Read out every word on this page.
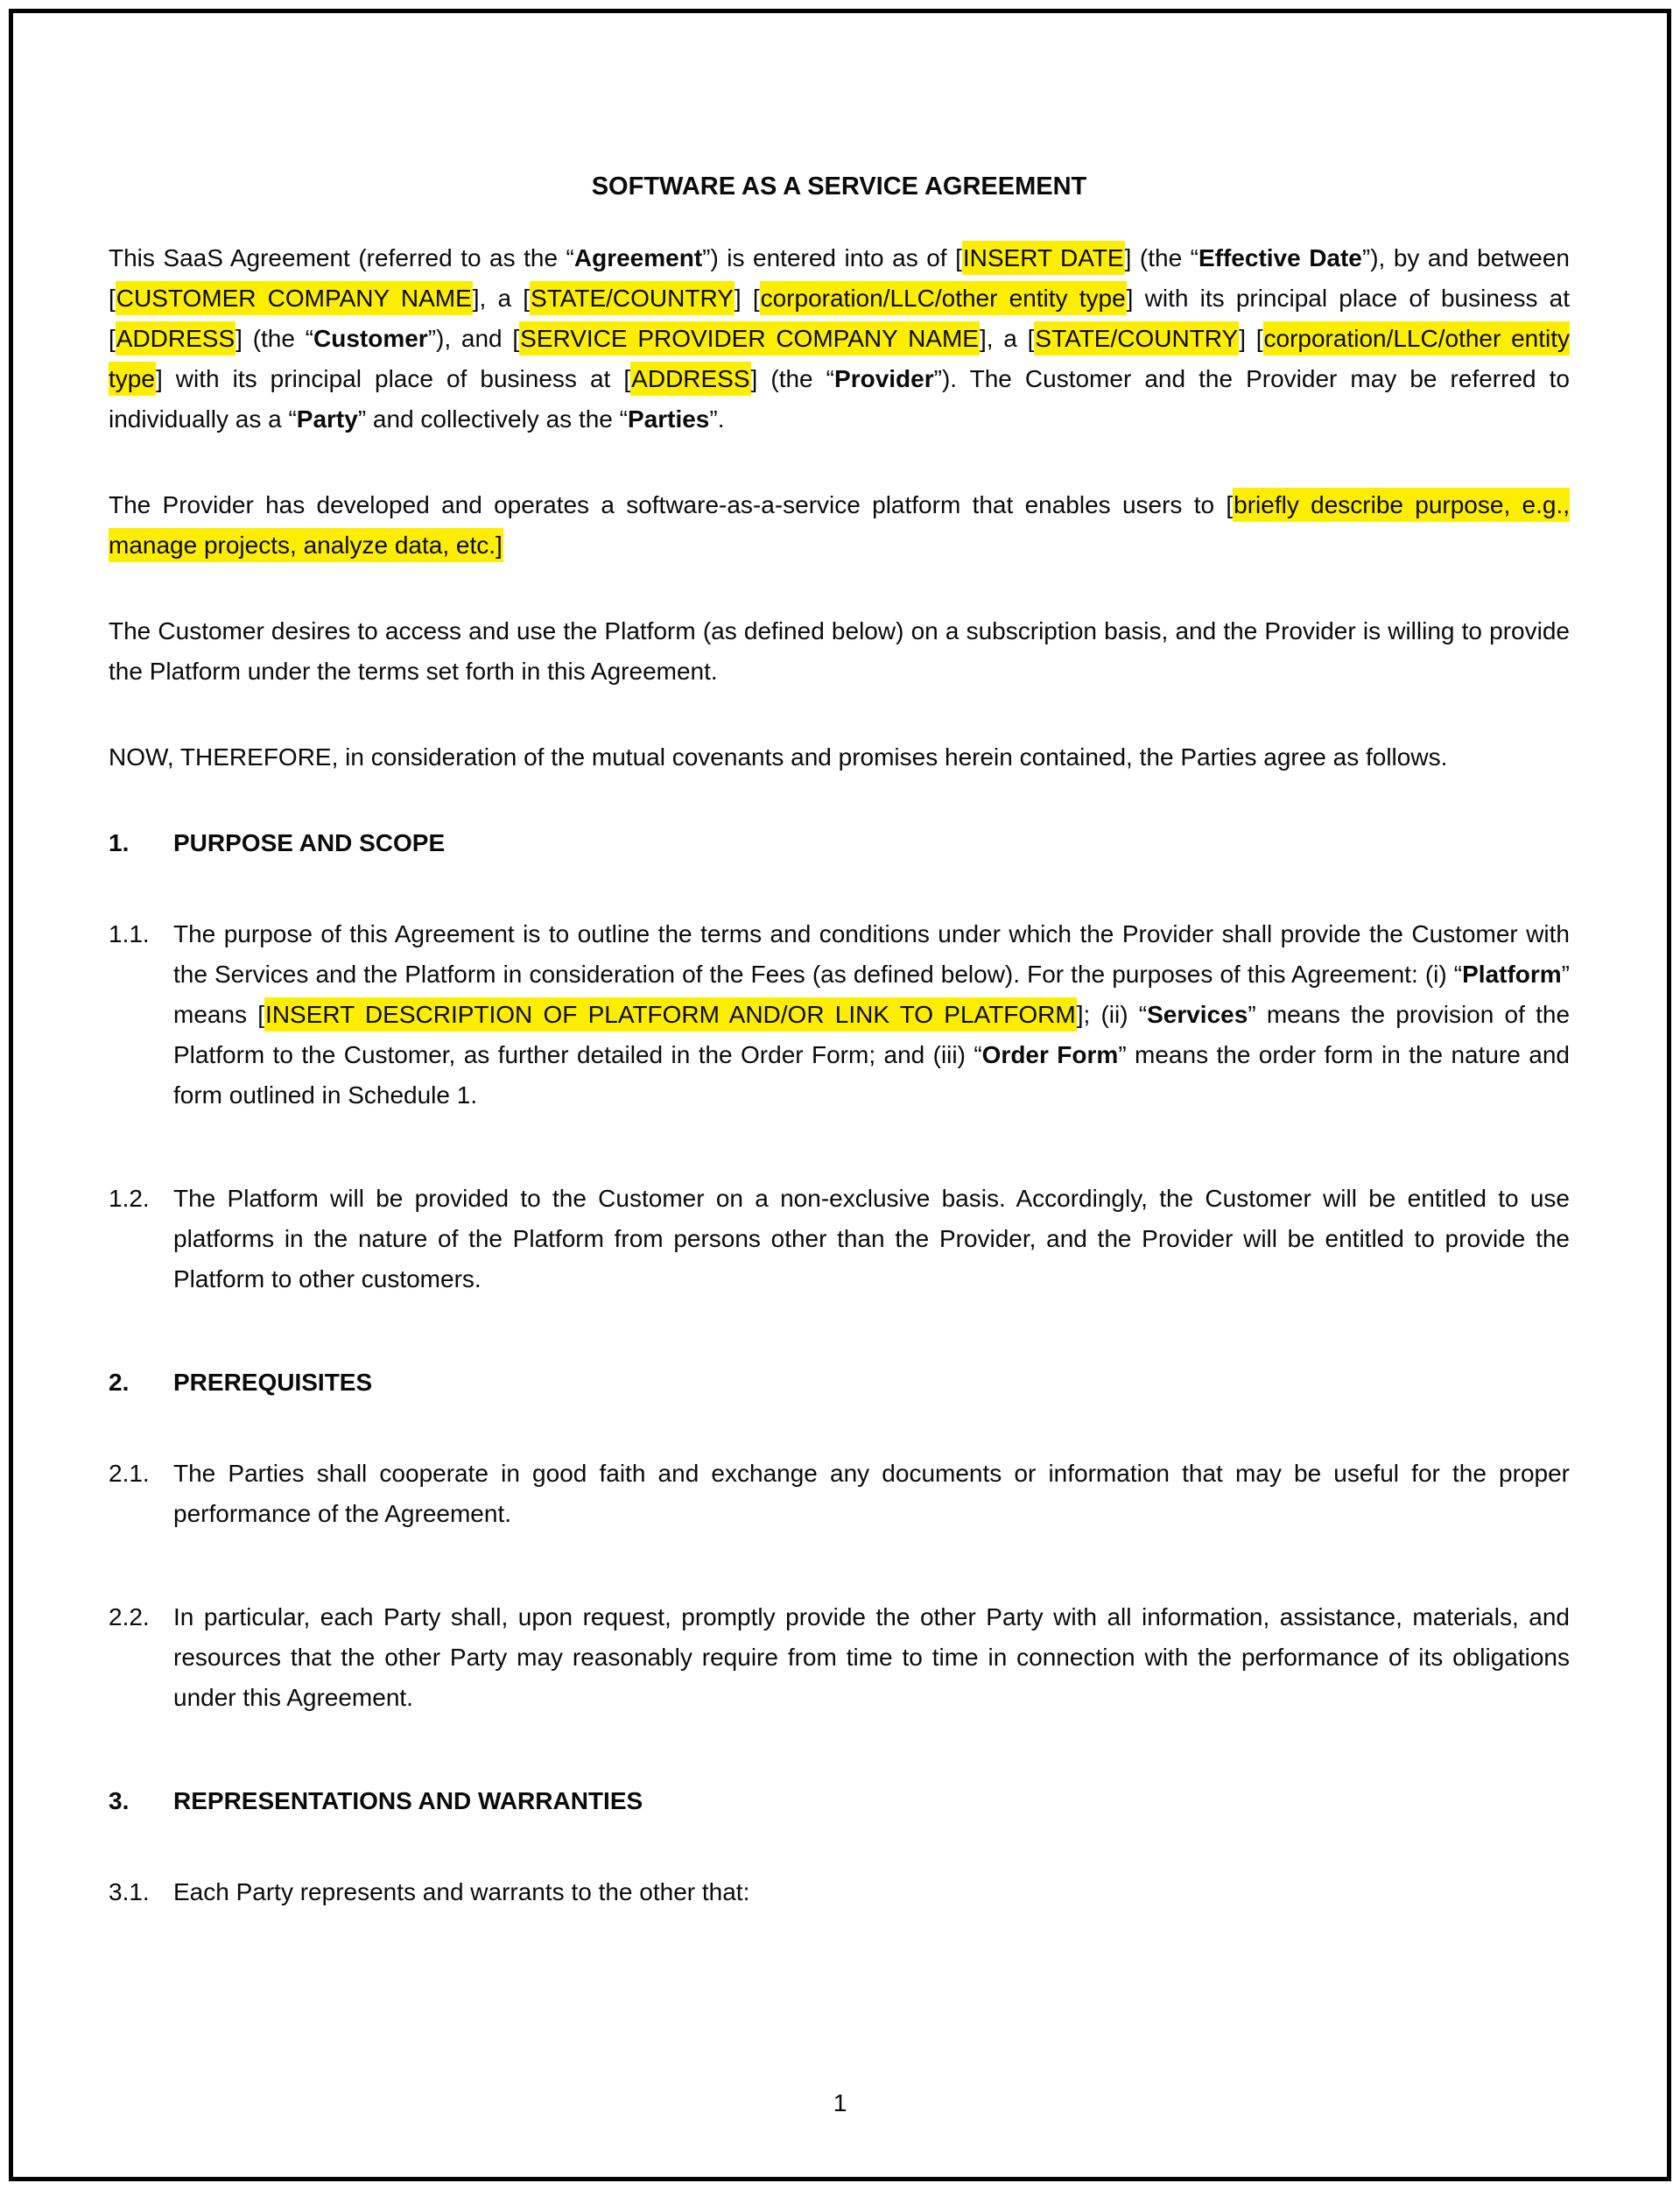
SOFTWARE AS A SERVICE AGREEMENT
This SaaS Agreement (referred to as the “Agreement”) is entered into as of [INSERT DATE] (the “Effective Date”), by and between [CUSTOMER COMPANY NAME], a [STATE/COUNTRY] [corporation/LLC/other entity type] with its principal place of business at [ADDRESS] (the “Customer”), and [SERVICE PROVIDER COMPANY NAME], a [STATE/COUNTRY] [corporation/LLC/other entity type] with its principal place of business at [ADDRESS] (the “Provider”). The Customer and the Provider may be referred to individually as a “Party” and collectively as the “Parties”.
The Provider has developed and operates a software-as-a-service platform that enables users to [briefly describe purpose, e.g., manage projects, analyze data, etc.]
The Customer desires to access and use the Platform (as defined below) on a subscription basis, and the Provider is willing to provide the Platform under the terms set forth in this Agreement.
NOW, THEREFORE, in consideration of the mutual covenants and promises herein contained, the Parties agree as follows.
1.	PURPOSE AND SCOPE
1.1. The purpose of this Agreement is to outline the terms and conditions under which the Provider shall provide the Customer with the Services and the Platform in consideration of the Fees (as defined below). For the purposes of this Agreement: (i) “Platform” means [INSERT DESCRIPTION OF PLATFORM AND/OR LINK TO PLATFORM]; (ii) “Services” means the provision of the Platform to the Customer, as further detailed in the Order Form; and (iii) “Order Form” means the order form in the nature and form outlined in Schedule 1.
1.2. The Platform will be provided to the Customer on a non-exclusive basis. Accordingly, the Customer will be entitled to use platforms in the nature of the Platform from persons other than the Provider, and the Provider will be entitled to provide the Platform to other customers.
2.	PREREQUISITES
2.1. The Parties shall cooperate in good faith and exchange any documents or information that may be useful for the proper performance of the Agreement.
2.2. In particular, each Party shall, upon request, promptly provide the other Party with all information, assistance, materials, and resources that the other Party may reasonably require from time to time in connection with the performance of its obligations under this Agreement.
3.	REPRESENTATIONS AND WARRANTIES
3.1. Each Party represents and warrants to the other that:
1
